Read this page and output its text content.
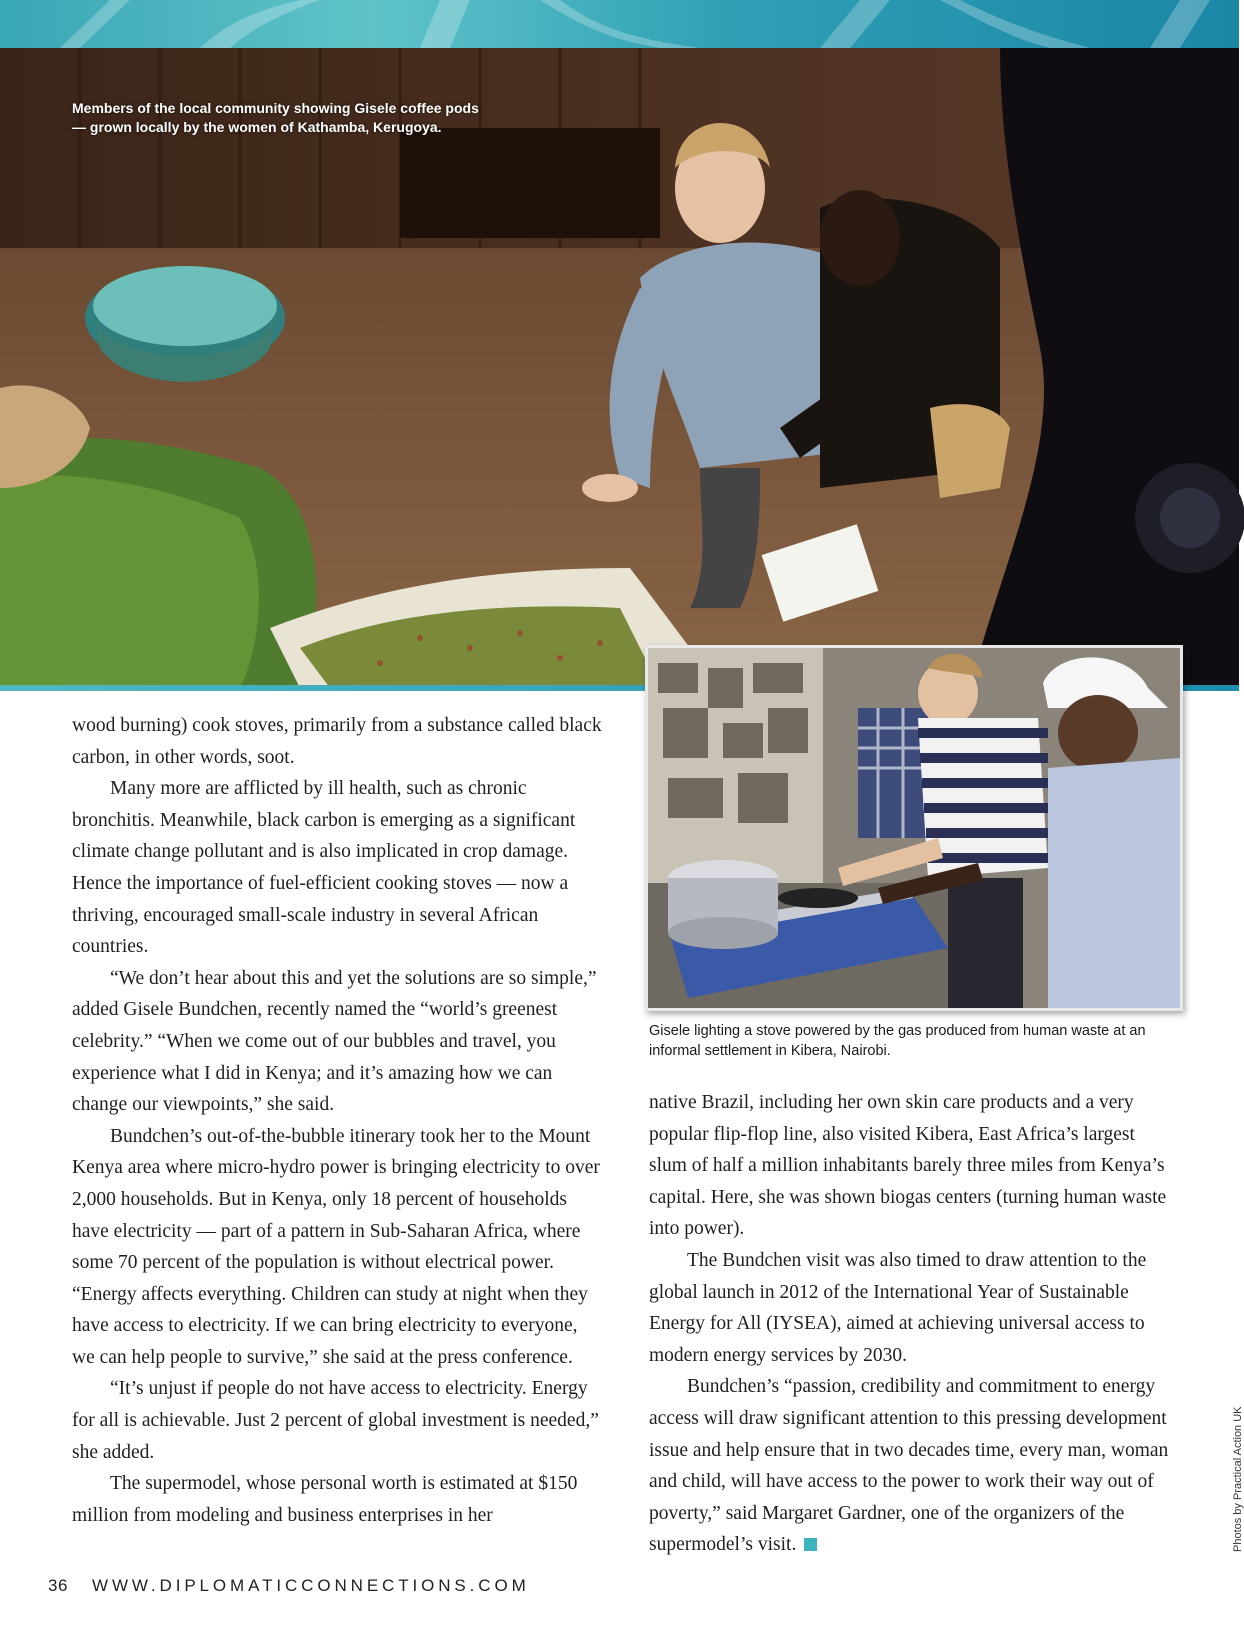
Members of the local community showing Gisele coffee pods — grown locally by the women of Kathamba, Kerugoya.
Gisele lighting a stove powered by the gas produced from human waste at an informal settlement in Kibera, Nairobi.

wood burning) cook stoves, primarily from a substance called black carbon, in other words, soot.

Many more are afflicted by ill health, such as chronic bronchitis. Meanwhile, black carbon is emerging as a significant climate change pollutant and is also implicated in crop damage. Hence the importance of fuel-efficient cooking stoves — now a thriving, encouraged small-scale industry in several African countries.

“We don’t hear about this and yet the solutions are so simple,” added Gisele Bundchen, recently named the “world’s greenest celebrity.” “When we come out of our bubbles and travel, you experience what I did in Kenya; and it’s amazing how we can change our viewpoints,” she said.

Bundchen’s out-of-the-bubble itinerary took her to the Mount Kenya area where micro-hydro power is bringing electricity to over 2,000 households. But in Kenya, only 18 percent of households have electricity — part of a pattern in Sub-Saharan Africa, where some 70 percent of the population is without electrical power. “Energy affects everything. Children can study at night when they have access to electricity. If we can bring electricity to everyone, we can help people to survive,” she said at the press conference.

“It’s unjust if people do not have access to electricity. Energy for all is achievable. Just 2 percent of global investment is needed,” she added.

The supermodel, whose personal worth is estimated at $150 million from modeling and business enterprises in her

native Brazil, including her own skin care products and a very popular flip-flop line, also visited Kibera, East Africa’s largest slum of half a million inhabitants barely three miles from Kenya’s capital. Here, she was shown biogas centers (turning human waste into power).

The Bundchen visit was also timed to draw attention to the global launch in 2012 of the International Year of Sustainable Energy for All (IYSEA), aimed at achieving universal access to modern energy services by 2030.

Bundchen’s “passion, credibility and commitment to energy access will draw significant attention to this pressing development issue and help ensure that in two decades time, every man, woman and child, will have access to the power to work their way out of poverty,” said Margaret Gardner, one of the organizers of the supermodel’s visit.

36 WWW.DIPLOMATICCONNECTIONS.COM
Photos by Practical Action UK
